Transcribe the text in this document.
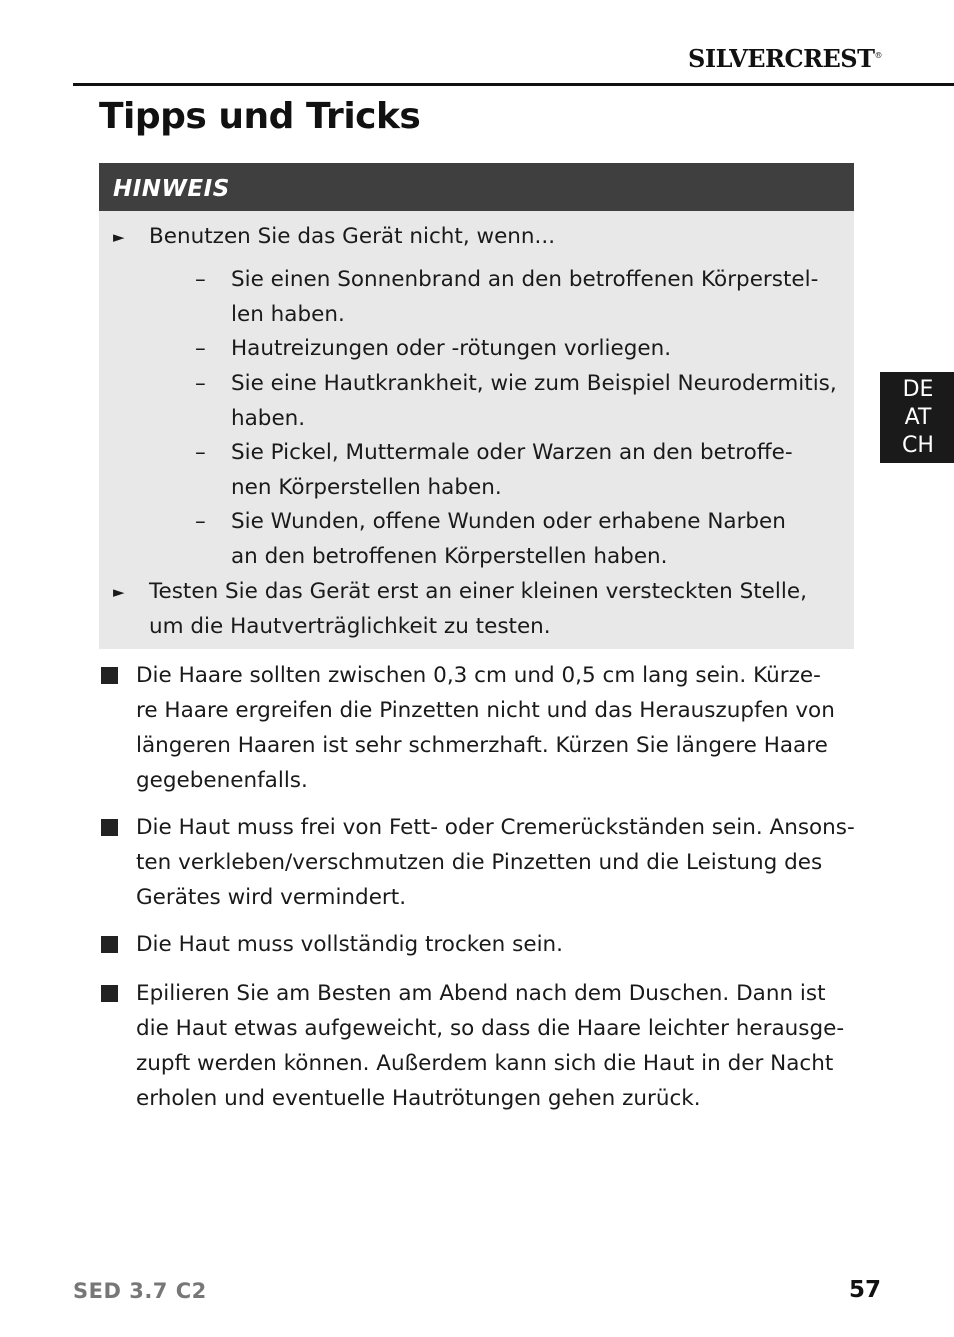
SILVERCREST®
Tipps und Tricks
HINWEIS
► Benutzen Sie das Gerät nicht, wenn...
– Sie einen Sonnenbrand an den betroffenen Körperstel-
len haben.
– Hautreizungen oder -rötungen vorliegen.
– Sie eine Hautkrankheit, wie zum Beispiel Neurodermitis,
haben.
– Sie Pickel, Muttermale oder Warzen an den betroffe-
nen Körperstellen haben.
– Sie Wunden, offene Wunden oder erhabene Narben
an den betroffenen Körperstellen haben.
► Testen Sie das Gerät erst an einer kleinen versteckten Stelle,
um die Hautverträglichkeit zu testen.
Die Haare sollten zwischen 0,3 cm und 0,5 cm lang sein. Kürze-
re Haare ergreifen die Pinzetten nicht und das Herauszupfen von
längeren Haaren ist sehr schmerzhaft. Kürzen Sie längere Haare
gegebenenfalls.
Die Haut muss frei von Fett- oder Cremerückständen sein. Ansons-
ten verkleben/verschmutzen die Pinzetten und die Leistung des
Gerätes wird vermindert.
Die Haut muss vollständig trocken sein.
Epilieren Sie am Besten am Abend nach dem Duschen. Dann ist
die Haut etwas aufgeweicht, so dass die Haare leichter herausge-
zupft werden können. Außerdem kann sich die Haut in der Nacht
erholen und eventuelle Hautrötungen gehen zurück.
DE
AT
CH
SED 3.7 C2	57
